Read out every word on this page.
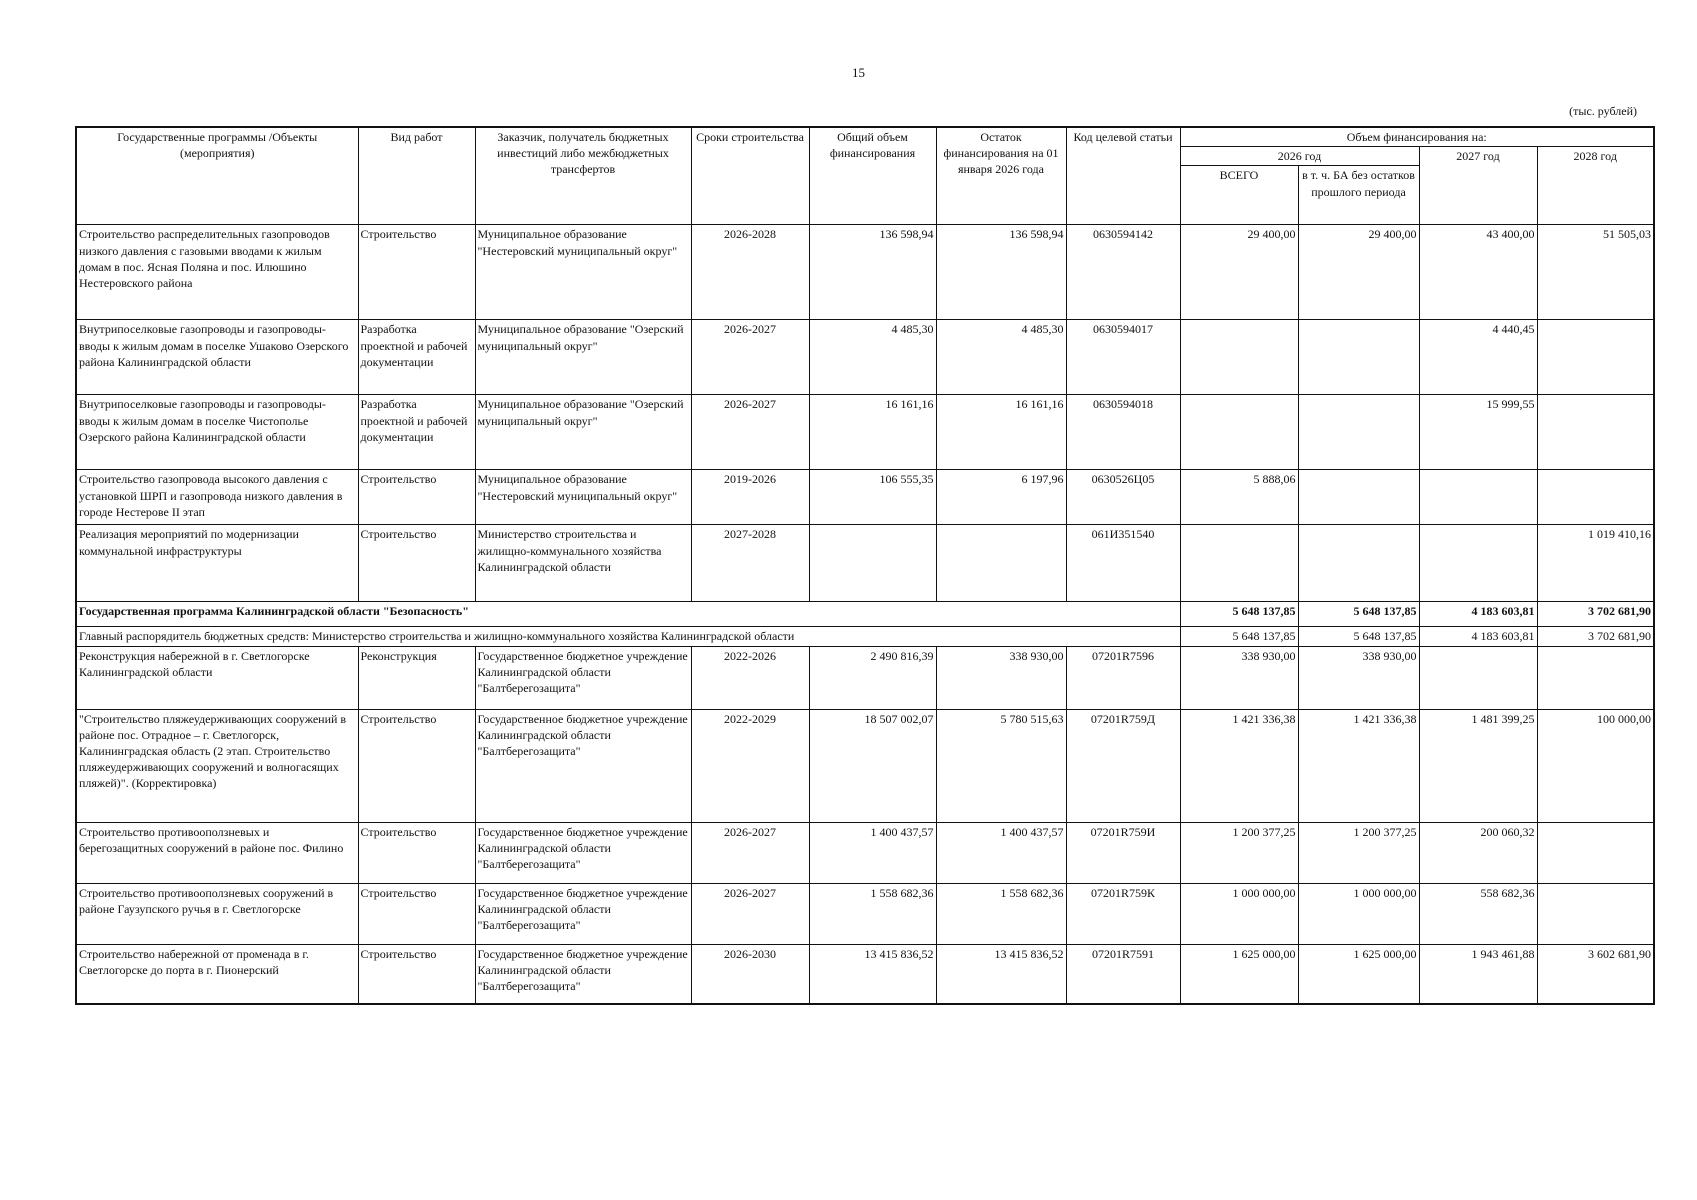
15
(тыс. рублей)
Государственные программы /Объекты (мероприятия)	Вид работ	Заказчик, получатель бюджетных инвестиций либо межбюджетных трансфертов	Сроки строительства	Общий объем финансирования	Остаток финансирования на 01 января 2026 года	Код целевой статьи	Объем финансирования на:			
							2026 год		2027 год	2028 год
							ВСЕГО	в т. ч. БА без остатков прошлого периода		
Строительство распределительных газопроводов низкого давления с газовыми вводами к жилым домам в пос. Ясная Поляна и пос. Илюшино Нестеровского района	Строительство	Муниципальное образование "Нестеровский муниципальный округ"	2026-2028	136 598,94	136 598,94	0630594142	29 400,00	29 400,00	43 400,00	51 505,03
Внутрипоселковые газопроводы и газопроводы-вводы к жилым домам в поселке Ушаково Озерского района Калининградской области	Разработка проектной и рабочей документации	Муниципальное образование "Озерский муниципальный округ"	2026-2027	4 485,30	4 485,30	0630594017			4 440,45	
Внутрипоселковые газопроводы и газопроводы-вводы к жилым домам в поселке Чистополье Озерского района Калининградской области	Разработка проектной и рабочей документации	Муниципальное образование "Озерский муниципальный округ"	2026-2027	16 161,16	16 161,16	0630594018			15 999,55	
Строительство газопровода высокого давления с установкой ШРП и газопровода низкого давления в городе Нестерове II этап	Строительство	Муниципальное образование "Нестеровский муниципальный округ"	2019-2026	106 555,35	6 197,96	0630526Ц05	5 888,06			
Реализация мероприятий по модернизации коммунальной инфраструктуры	Строительство	Министерство строительства и жилищно-коммунального хозяйства Калининградской области	2027-2028			061И351540				1 019 410,16
Государственная программа Калининградской области "Безопасность"							5 648 137,85	5 648 137,85	4 183 603,81	3 702 681,90
Главный распорядитель бюджетных средств: Министерство строительства и жилищно-коммунального хозяйства Калининградской области							5 648 137,85	5 648 137,85	4 183 603,81	3 702 681,90
Реконструкция набережной в г. Светлогорске Калининградской области	Реконструкция	Государственное бюджетное учреждение Калининградской области "Балтберегозащита"	2022-2026	2 490 816,39	338 930,00	07201R7596	338 930,00	338 930,00		
"Строительство пляжеудерживающих сооружений в районе пос. Отрадное – г. Светлогорск, Калининградская область (2 этап. Строительство пляжеудерживающих сооружений и волногасящих пляжей)". (Корректировка)	Строительство	Государственное бюджетное учреждение Калининградской области "Балтберегозащита"	2022-2029	18 507 002,07	5 780 515,63	07201R759Д	1 421 336,38	1 421 336,38	1 481 399,25	100 000,00
Строительство противооползневых и берегозащитных сооружений в районе пос. Филино	Строительство	Государственное бюджетное учреждение Калининградской области "Балтберегозащита"	2026-2027	1 400 437,57	1 400 437,57	07201R759И	1 200 377,25	1 200 377,25	200 060,32	
Строительство противооползневых сооружений в районе Гаузупского ручья в г. Светлогорске	Строительство	Государственное бюджетное учреждение Калининградской области "Балтберегозащита"	2026-2027	1 558 682,36	1 558 682,36	07201R759К	1 000 000,00	1 000 000,00	558 682,36	
Строительство набережной от променада в г. Светлогорске до порта в г. Пионерский	Строительство	Государственное бюджетное учреждение Калининградской области "Балтберегозащита"	2026-2030	13 415 836,52	13 415 836,52	07201R7591	1 625 000,00	1 625 000,00	1 943 461,88	3 602 681,90
